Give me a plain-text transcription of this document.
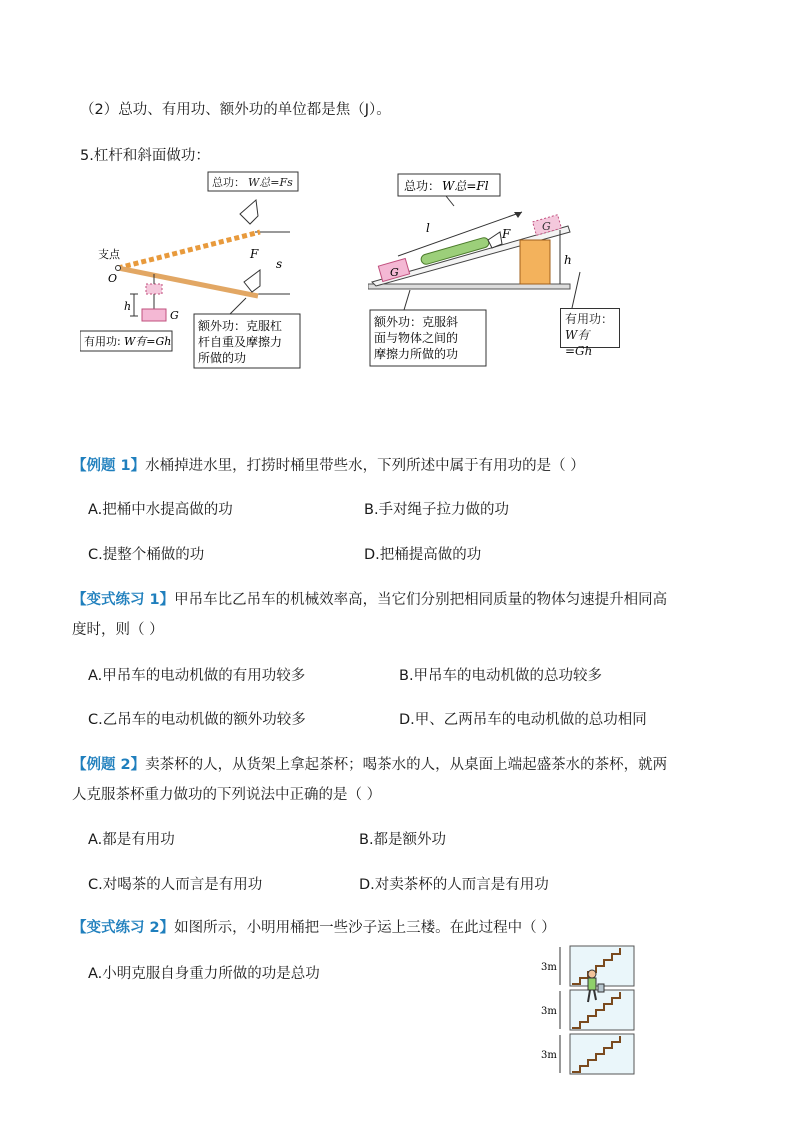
（2）总功、有用功、额外功的单位都是焦（J）。
5.杠杆和斜面做功：
总功： W总=Fs
F
s
支点
O
G
h
有用功: W有=Gh
额外功：克服杠
杆自重及摩擦力
所做的功
总功： W总=Fl
h
l
G
G
F
额外功：克服斜
面与物体之间的
摩擦力所做的功
有用功：
W有=Gh
【例题 1】水桶掉进水里，打捞时桶里带些水，下列所述中属于有用功的是（ ）
A.把桶中水提高做的功	B.手对绳子拉力做的功
C.提整个桶做的功	D.把桶提高做的功
【变式练习 1】甲吊车比乙吊车的机械效率高，当它们分别把相同质量的物体匀速提升相同高
度时，则（ ）
A.甲吊车的电动机做的有用功较多	B.甲吊车的电动机做的总功较多
C.乙吊车的电动机做的额外功较多	D.甲、乙两吊车的电动机做的总功相同
【例题 2】卖茶杯的人，从货架上拿起茶杯；喝茶水的人，从桌面上端起盛茶水的茶杯，就两
人克服茶杯重力做功的下列说法中正确的是（ ）
A.都是有用功	B.都是额外功
C.对喝茶的人而言是有用功	D.对卖茶杯的人而言是有用功
【变式练习 2】如图所示，小明用桶把一些沙子运上三楼。在此过程中（ ）
A.小明克服自身重力所做的功是总功	3m
3m
3m
